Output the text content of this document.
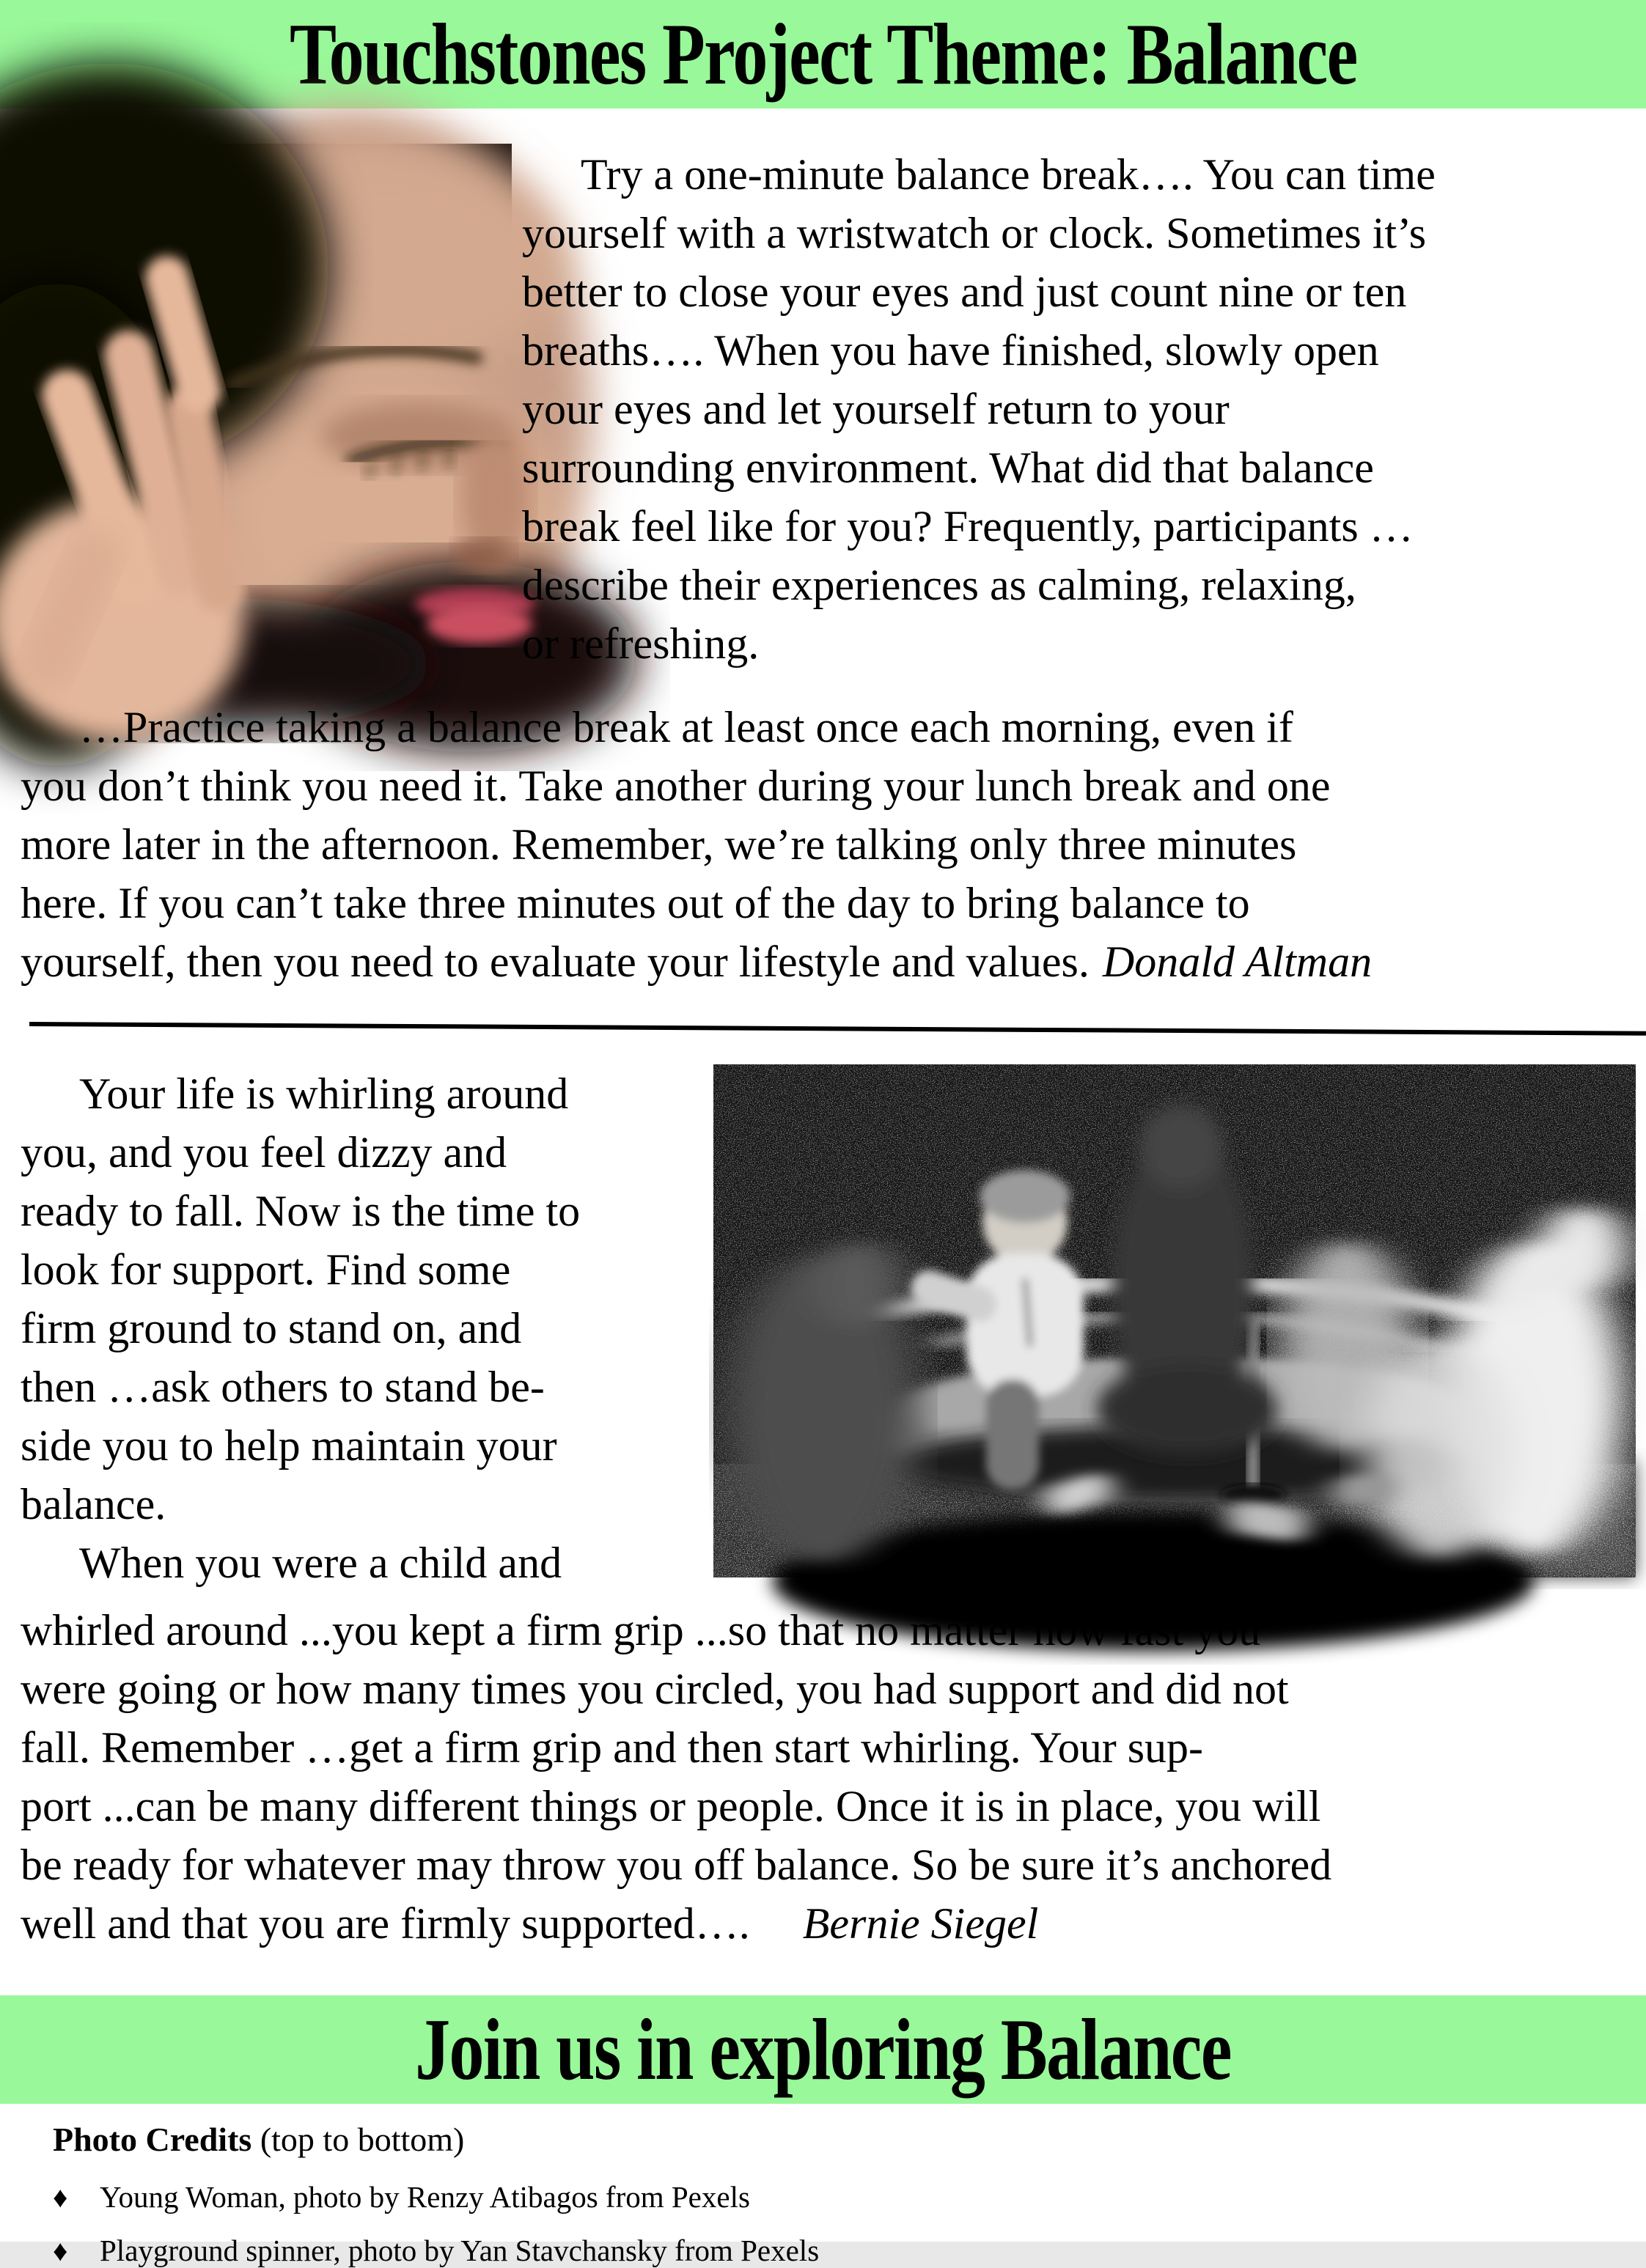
Touchstones Project Theme: Balance
Try a one-minute balance break…. You can time
yourself with a wristwatch or clock. Sometimes it’s
better to close your eyes and just count nine or ten
breaths…. When you have finished, slowly open
your eyes and let yourself return to your
surrounding environment. What did that balance
break feel like for you? Frequently, participants …
describe their experiences as calming, relaxing,
or refreshing.
…Practice taking a balance break at least once each morning, even if
you don’t think you need it. Take another during your lunch break and one
more later in the afternoon. Remember, we’re talking only three minutes
here. If you can’t take three minutes out of the day to bring balance to
yourself, then you need to evaluate your lifestyle and values. Donald Altman
Your life is whirling around
you, and you feel dizzy and
ready to fall. Now is the time to
look for support. Find some
firm ground to stand on, and
then …ask others to stand be-
side you to help maintain your
balance.
When you were a child and
whirled around ...you kept a firm grip ...so that no matter how fast you
were going or how many times you circled, you had support and did not
fall. Remember …get a firm grip and then start whirling. Your sup-
port ...can be many different things or people. Once it is in place, you will
be ready for whatever may throw you off balance. So be sure it’s anchored
well and that you are firmly supported…. Bernie Siegel
Join us in exploring Balance
Photo Credits (top to bottom)
♦	Young Woman, photo by Renzy Atibagos from Pexels
♦	Playground spinner, photo by Yan Stavchansky from Pexels
